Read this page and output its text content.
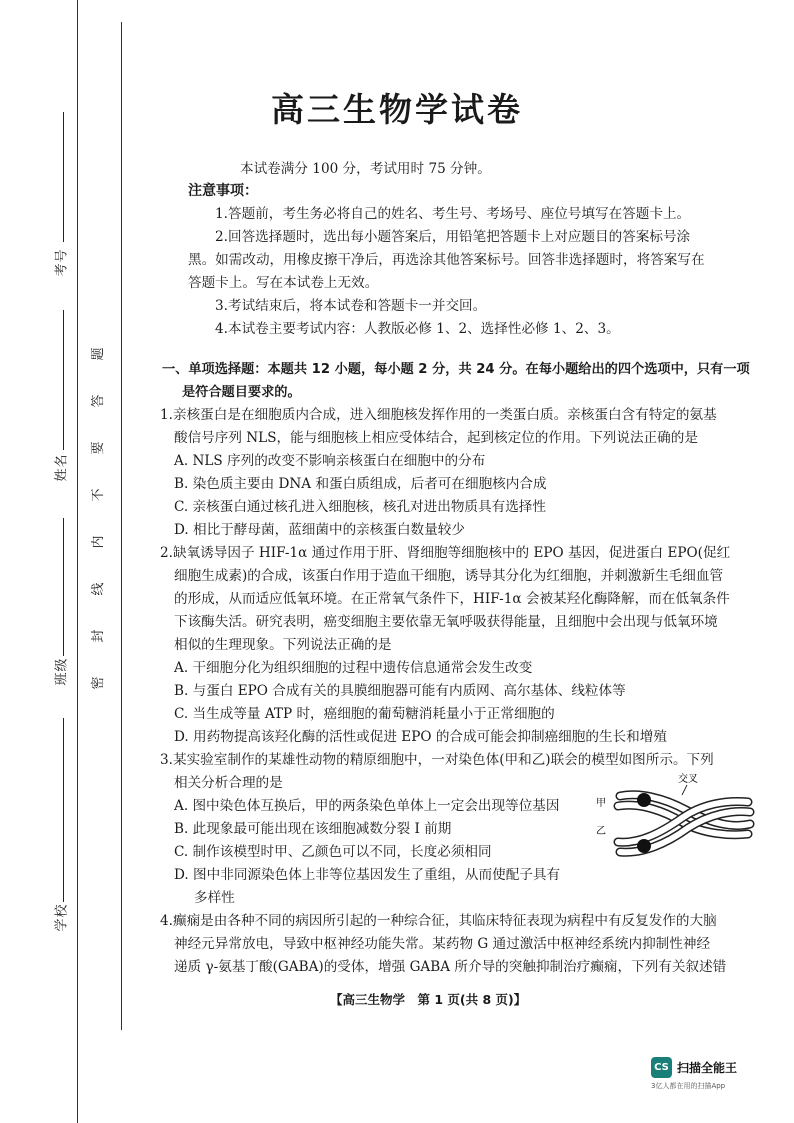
考号
姓名
班级
学校
题
答
要
不
内
线
封
密
高三生物学试卷
本试卷满分 100 分，考试用时 75 分钟。
注意事项：
1.答题前，考生务必将自己的姓名、考生号、考场号、座位号填写在答题卡上。
2.回答选择题时，选出每小题答案后，用铅笔把答题卡上对应题目的答案标号涂
黑。如需改动，用橡皮擦干净后，再选涂其他答案标号。回答非选择题时，将答案写在
答题卡上。写在本试卷上无效。
3.考试结束后，将本试卷和答题卡一并交回。
4.本试卷主要考试内容：人教版必修 1、2、选择性必修 1、2、3。
一、单项选择题：本题共 12 小题，每小题 2 分，共 24 分。在每小题给出的四个选项中，只有一项
是符合题目要求的。
1.亲核蛋白是在细胞质内合成，进入细胞核发挥作用的一类蛋白质。亲核蛋白含有特定的氨基
酸信号序列 NLS，能与细胞核上相应受体结合，起到核定位的作用。下列说法正确的是
A. NLS 序列的改变不影响亲核蛋白在细胞中的分布
B. 染色质主要由 DNA 和蛋白质组成，后者可在细胞核内合成
C. 亲核蛋白通过核孔进入细胞核，核孔对进出物质具有选择性
D. 相比于酵母菌，蓝细菌中的亲核蛋白数量较少
2.缺氧诱导因子 HIF-1α 通过作用于肝、肾细胞等细胞核中的 EPO 基因，促进蛋白 EPO(促红
细胞生成素)的合成，该蛋白作用于造血干细胞，诱导其分化为红细胞，并刺激新生毛细血管
的形成，从而适应低氧环境。在正常氧气条件下，HIF-1α 会被某羟化酶降解，而在低氧条件
下该酶失活。研究表明，癌变细胞主要依靠无氧呼吸获得能量，且细胞中会出现与低氧环境
相似的生理现象。下列说法正确的是
A. 干细胞分化为组织细胞的过程中遗传信息通常会发生改变
B. 与蛋白 EPO 合成有关的具膜细胞器可能有内质网、高尔基体、线粒体等
C. 当生成等量 ATP 时，癌细胞的葡萄糖消耗量小于正常细胞的
D. 用药物提高该羟化酶的活性或促进 EPO 的合成可能会抑制癌细胞的生长和增殖
3.某实验室制作的某雄性动物的精原细胞中，一对染色体(甲和乙)联会的模型如图所示。下列
相关分析合理的是
A. 图中染色体互换后，甲的两条染色单体上一定会出现等位基因
B. 此现象最可能出现在该细胞减数分裂 Ⅰ 前期
C. 制作该模型时甲、乙颜色可以不同，长度必须相同
D. 图中非同源染色体上非等位基因发生了重组，从而使配子具有
多样性
交叉
甲
乙
4.癫痫是由各种不同的病因所引起的一种综合征，其临床特征表现为病程中有反复发作的大脑
神经元异常放电，导致中枢神经功能失常。某药物 G 通过激活中枢神经系统内抑制性神经
递质 γ-氨基丁酸(GABA)的受体，增强 GABA 所介导的突触抑制治疗癫痫，下列有关叙述错
【高三生物学　第 1 页(共 8 页)】
CS 扫描全能王
3亿人都在用的扫描App
